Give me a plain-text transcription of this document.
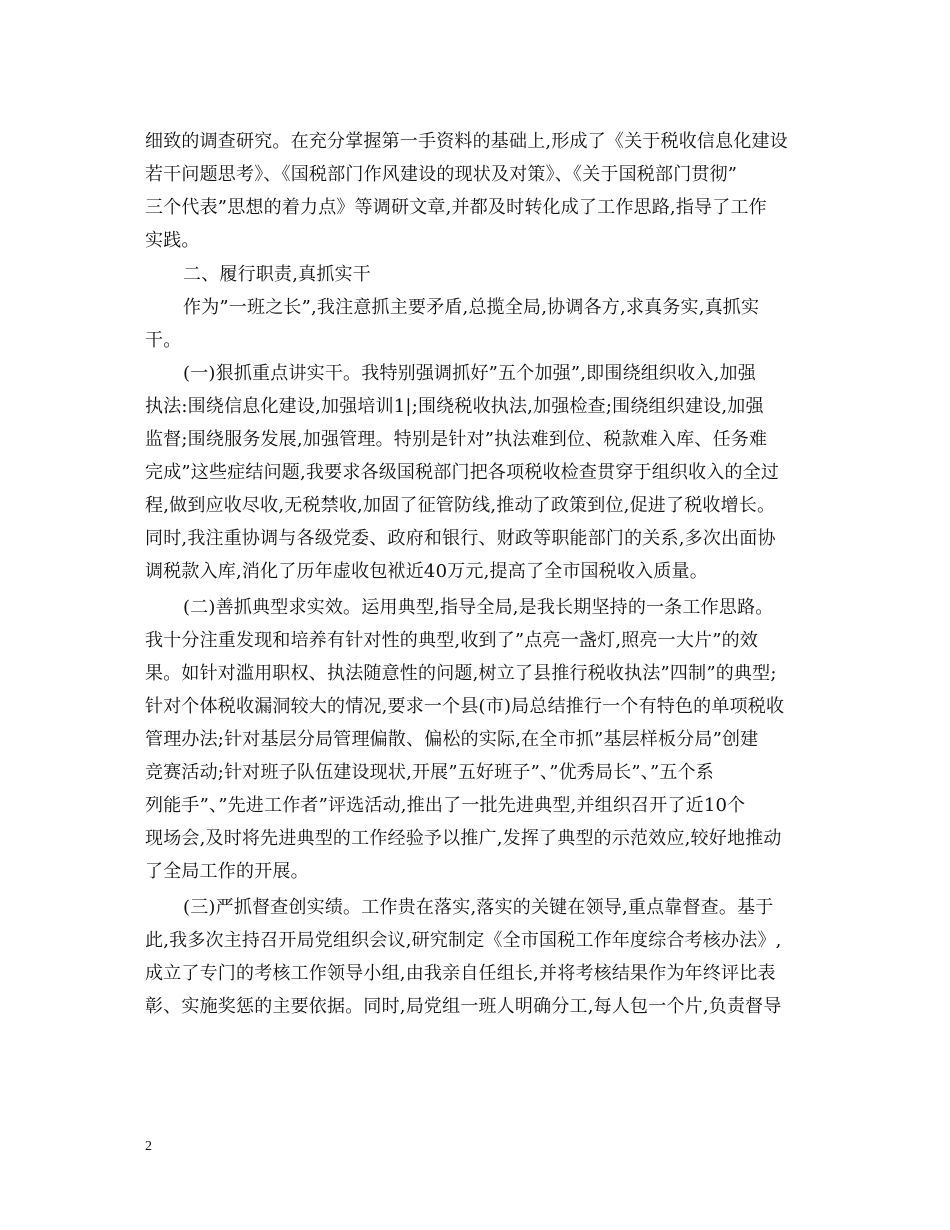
细致的调查研究。在充分掌握第一手资料的基础上,形成了《关于税收信息化建设
若干问题思考》、《国税部门作风建设的现状及对策》、《关于国税部门贯彻”
三个代表”思想的着力点》等调研文章,并都及时转化成了工作思路,指导了工作
实践。
二、履行职责,真抓实干
作为”一班之长”,我注意抓主要矛盾,总揽全局,协调各方,求真务实,真抓实
干。
(一)狠抓重点讲实干。我特别强调抓好”五个加强”,即围绕组织收入,加强
执法:围绕信息化建设,加强培训1|;围绕税收执法,加强检查;围绕组织建设,加强
监督;围绕服务发展,加强管理。特别是针对”执法难到位、税款难入库、任务难
完成”这些症结问题,我要求各级国税部门把各项税收检查贯穿于组织收入的全过
程,做到应收尽收,无税禁收,加固了征管防线,推动了政策到位,促进了税收增长。
同时,我注重协调与各级党委、政府和银行、财政等职能部门的关系,多次出面协
调税款入库,消化了历年虚收包袱近40万元,提高了全市国税收入质量。
(二)善抓典型求实效。运用典型,指导全局,是我长期坚持的一条工作思路。
我十分注重发现和培养有针对性的典型,收到了”点亮一盏灯,照亮一大片”的效
果。如针对滥用职权、执法随意性的问题,树立了县推行税收执法”四制”的典型;
针对个体税收漏洞较大的情况,要求一个县(市)局总结推行一个有特色的单项税收
管理办法;针对基层分局管理偏散、偏松的实际,在全市抓”基层样板分局”创建
竞赛活动;针对班子队伍建设现状,开展”五好班子”、”优秀局长”、”五个系
列能手”、”先进工作者”评选活动,推出了一批先进典型,并组织召开了近10个
现场会,及时将先进典型的工作经验予以推广,发挥了典型的示范效应,较好地推动
了全局工作的开展。
(三)严抓督查创实绩。工作贵在落实,落实的关键在领导,重点靠督查。基于
此,我多次主持召开局党组织会议,研究制定《全市国税工作年度综合考核办法》,
成立了专门的考核工作领导小组,由我亲自任组长,并将考核结果作为年终评比表
彰、实施奖惩的主要依据。同时,局党组一班人明确分工,每人包一个片,负责督导
2
